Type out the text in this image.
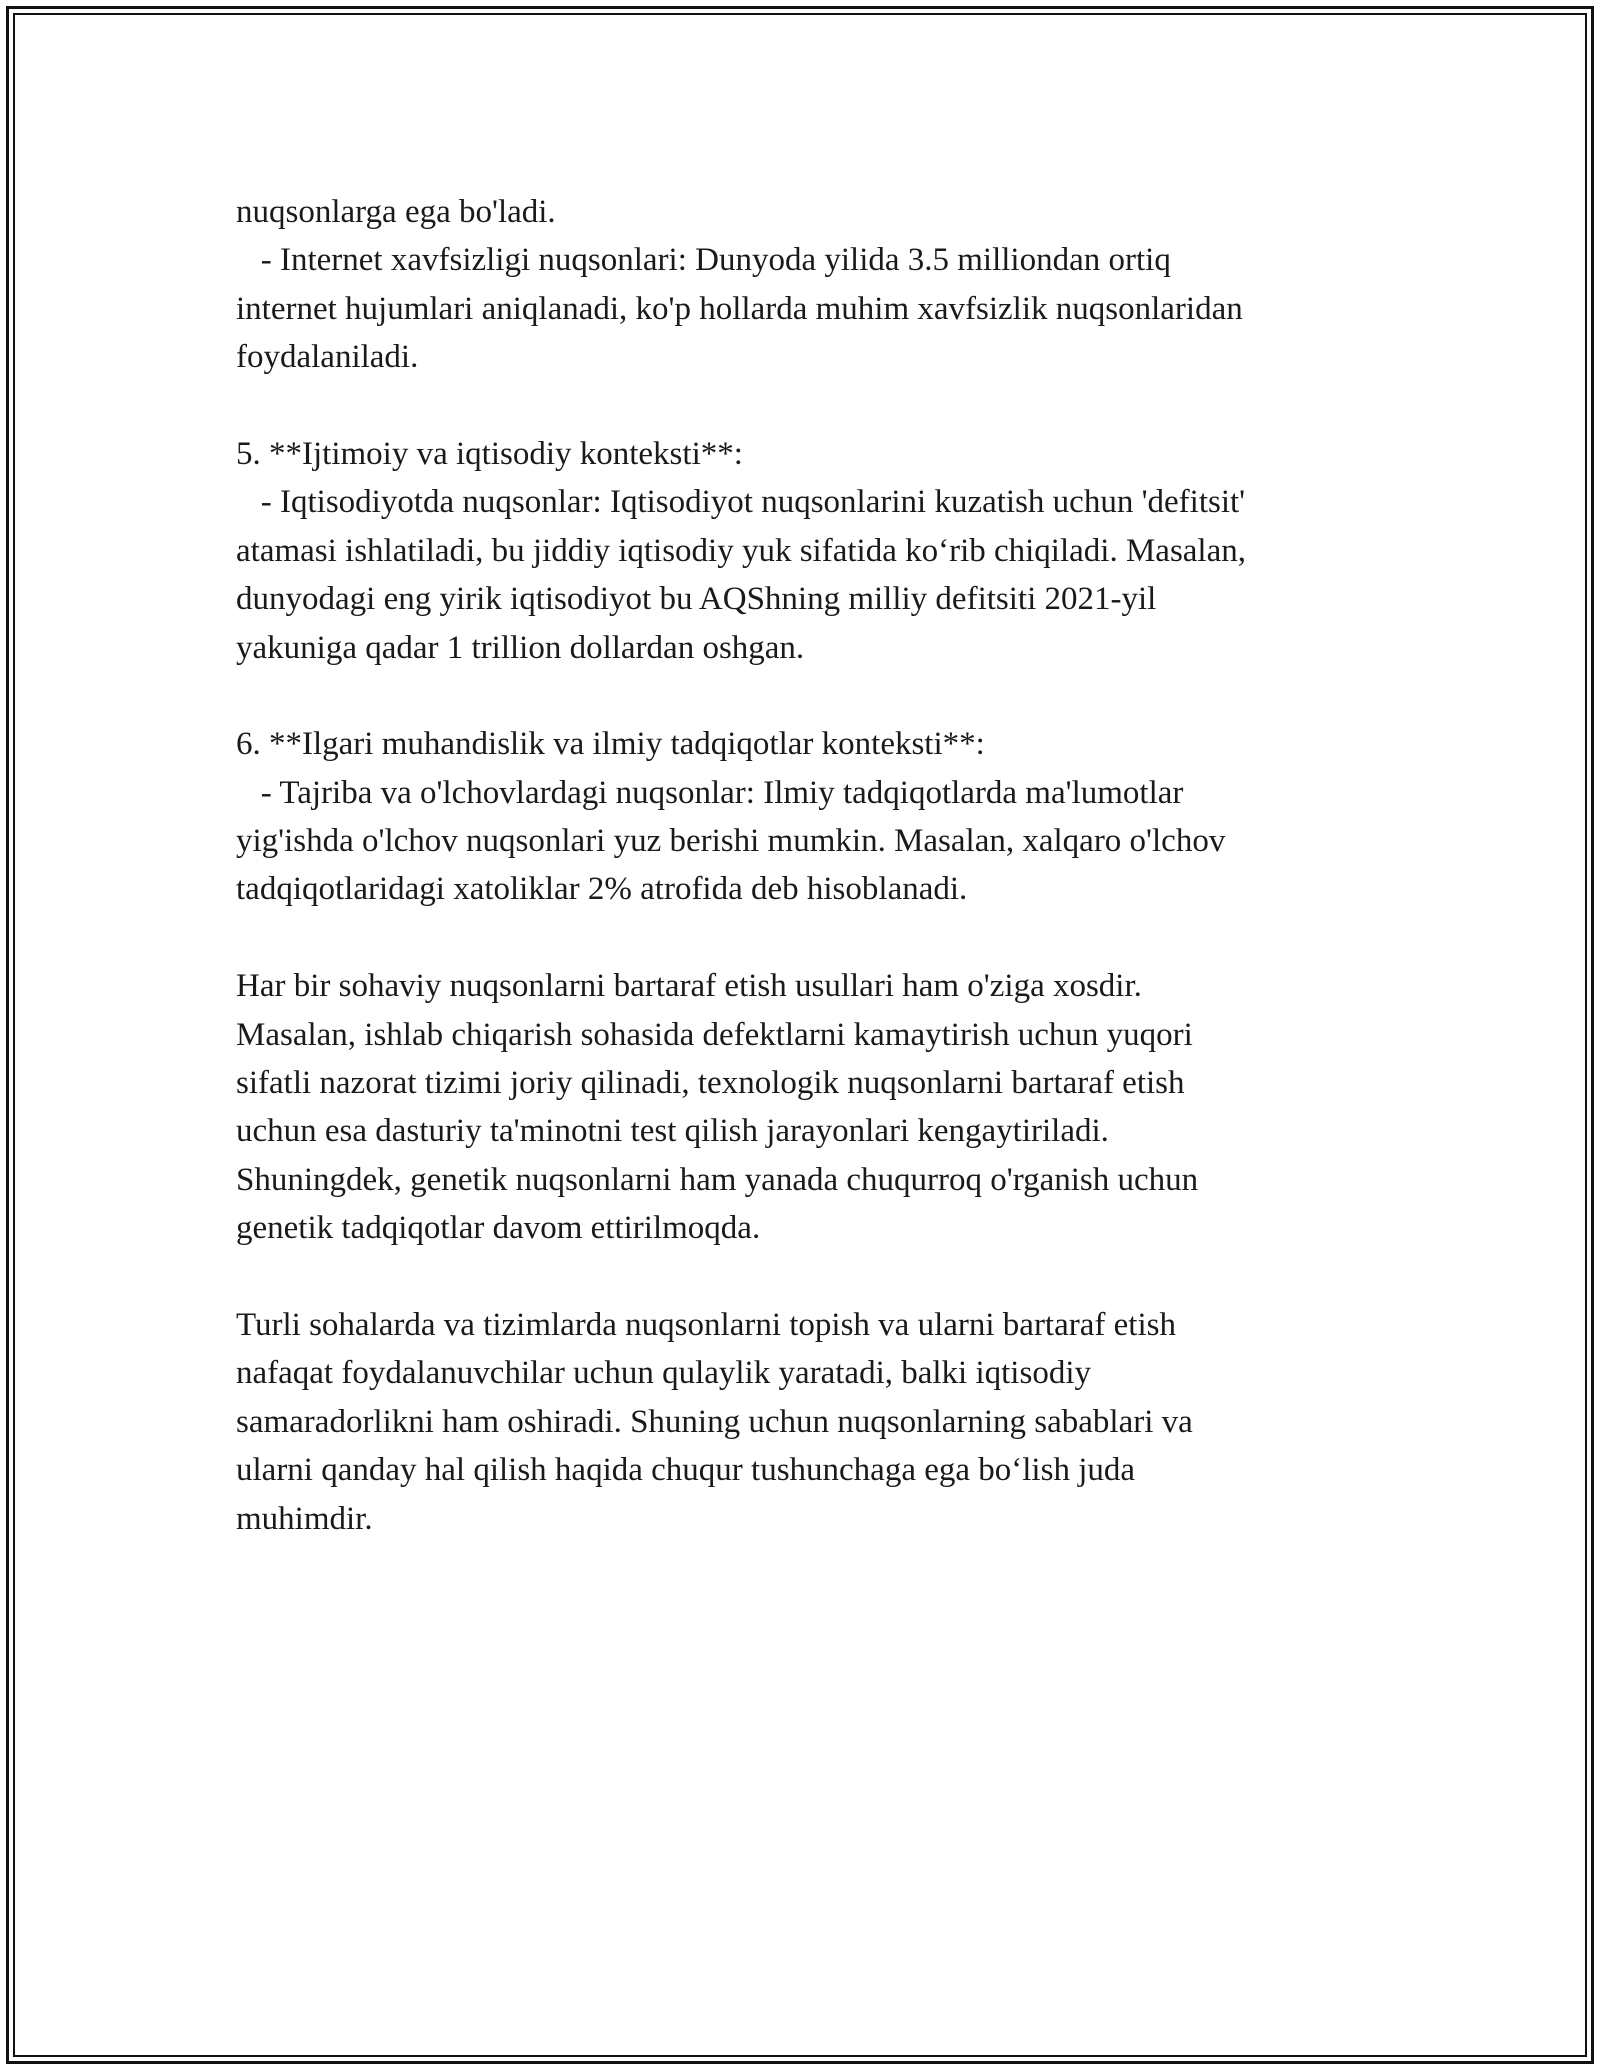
nuqsonlarga ega bo'ladi.
- Internet xavfsizligi nuqsonlari: Dunyoda yilida 3.5 milliondan ortiq
internet hujumlari aniqlanadi, ko'p hollarda muhim xavfsizlik nuqsonlaridan
foydalaniladi.
5. **Ijtimoiy va iqtisodiy konteksti**:
- Iqtisodiyotda nuqsonlar: Iqtisodiyot nuqsonlarini kuzatish uchun 'defitsit'
atamasi ishlatiladi, bu jiddiy iqtisodiy yuk sifatida ko‘rib chiqiladi. Masalan,
dunyodagi eng yirik iqtisodiyot bu AQShning milliy defitsiti 2021-yil
yakuniga qadar 1 trillion dollardan oshgan.
6. **Ilgari muhandislik va ilmiy tadqiqotlar konteksti**:
- Tajriba va o'lchovlardagi nuqsonlar: Ilmiy tadqiqotlarda ma'lumotlar
yig'ishda o'lchov nuqsonlari yuz berishi mumkin. Masalan, xalqaro o'lchov
tadqiqotlaridagi xatoliklar 2% atrofida deb hisoblanadi.
Har bir sohaviy nuqsonlarni bartaraf etish usullari ham o'ziga xosdir.
Masalan, ishlab chiqarish sohasida defektlarni kamaytirish uchun yuqori
sifatli nazorat tizimi joriy qilinadi, texnologik nuqsonlarni bartaraf etish
uchun esa dasturiy ta'minotni test qilish jarayonlari kengaytiriladi.
Shuningdek, genetik nuqsonlarni ham yanada chuqurroq o'rganish uchun
genetik tadqiqotlar davom ettirilmoqda.
Turli sohalarda va tizimlarda nuqsonlarni topish va ularni bartaraf etish
nafaqat foydalanuvchilar uchun qulaylik yaratadi, balki iqtisodiy
samaradorlikni ham oshiradi. Shuning uchun nuqsonlarning sabablari va
ularni qanday hal qilish haqida chuqur tushunchaga ega bo‘lish juda
muhimdir.
